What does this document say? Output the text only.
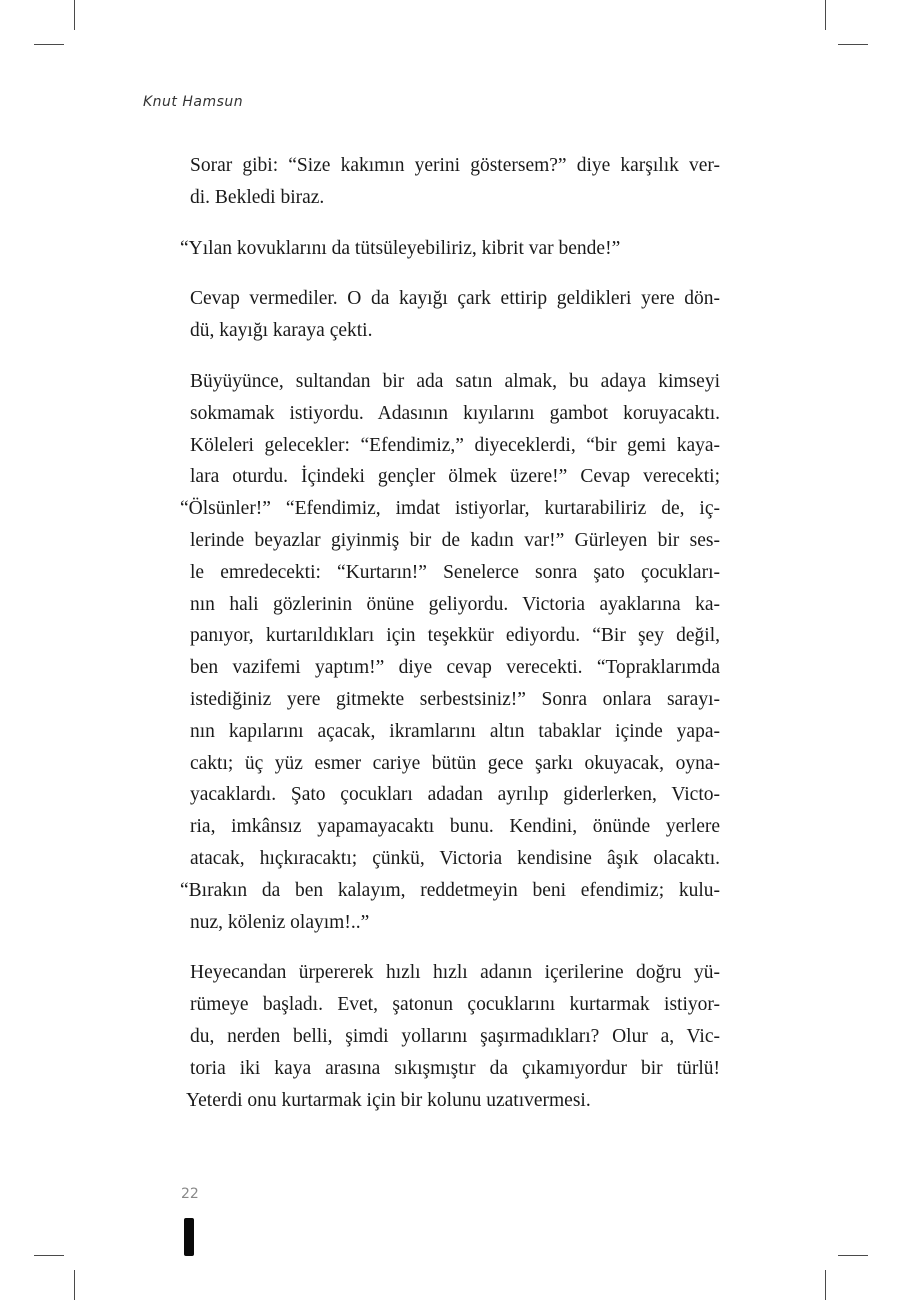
Knut Hamsun
Sorar gibi: “Size kakımın yerini göstersem?” diye karşılık ver-
di. Bekledi biraz.
“Yılan kovuklarını da tütsüleyebiliriz, kibrit var bende!”
Cevap vermediler. O da kayığı çark ettirip geldikleri yere dön-
dü, kayığı karaya çekti.
Büyüyünce, sultandan bir ada satın almak, bu adaya kimseyi
sokmamak istiyordu. Adasının kıyılarını gambot koruyacaktı.
Köleleri gelecekler: “Efendimiz,” diyeceklerdi, “bir gemi kaya-
lara oturdu. İçindeki gençler ölmek üzere!” Cevap verecekti;
“Ölsünler!” “Efendimiz, imdat istiyorlar, kurtarabiliriz de, iç-
lerinde beyazlar giyinmiş bir de kadın var!” Gürleyen bir ses-
le emredecekti: “Kurtarın!” Senelerce sonra şato çocukları-
nın hali gözlerinin önüne geliyordu. Victoria ayaklarına ka-
panıyor, kurtarıldıkları için teşekkür ediyordu. “Bir şey değil,
ben vazifemi yaptım!” diye cevap verecekti. “Topraklarımda
istediğiniz yere gitmekte serbestsiniz!” Sonra onlara sarayı-
nın kapılarını açacak, ikramlarını altın tabaklar içinde yapa-
caktı; üç yüz esmer cariye bütün gece şarkı okuyacak, oyna-
yacaklardı. Şato çocukları adadan ayrılıp giderlerken, Victo-
ria, imkânsız yapamayacaktı bunu. Kendini, önünde yerlere
atacak, hıçkıracaktı; çünkü, Victoria kendisine âşık olacaktı.
“Bırakın da ben kalayım, reddetmeyin beni efendimiz; kulu-
nuz, köleniz olayım!..”
Heyecandan ürpererek hızlı hızlı adanın içerilerine doğru yü-
rümeye başladı. Evet, şatonun çocuklarını kurtarmak istiyor-
du, nerden belli, şimdi yollarını şaşırmadıkları? Olur a, Vic-
toria iki kaya arasına sıkışmıştır da çıkamıyordur bir türlü!
Yeterdi onu kurtarmak için bir kolunu uzatıvermesi.
22
